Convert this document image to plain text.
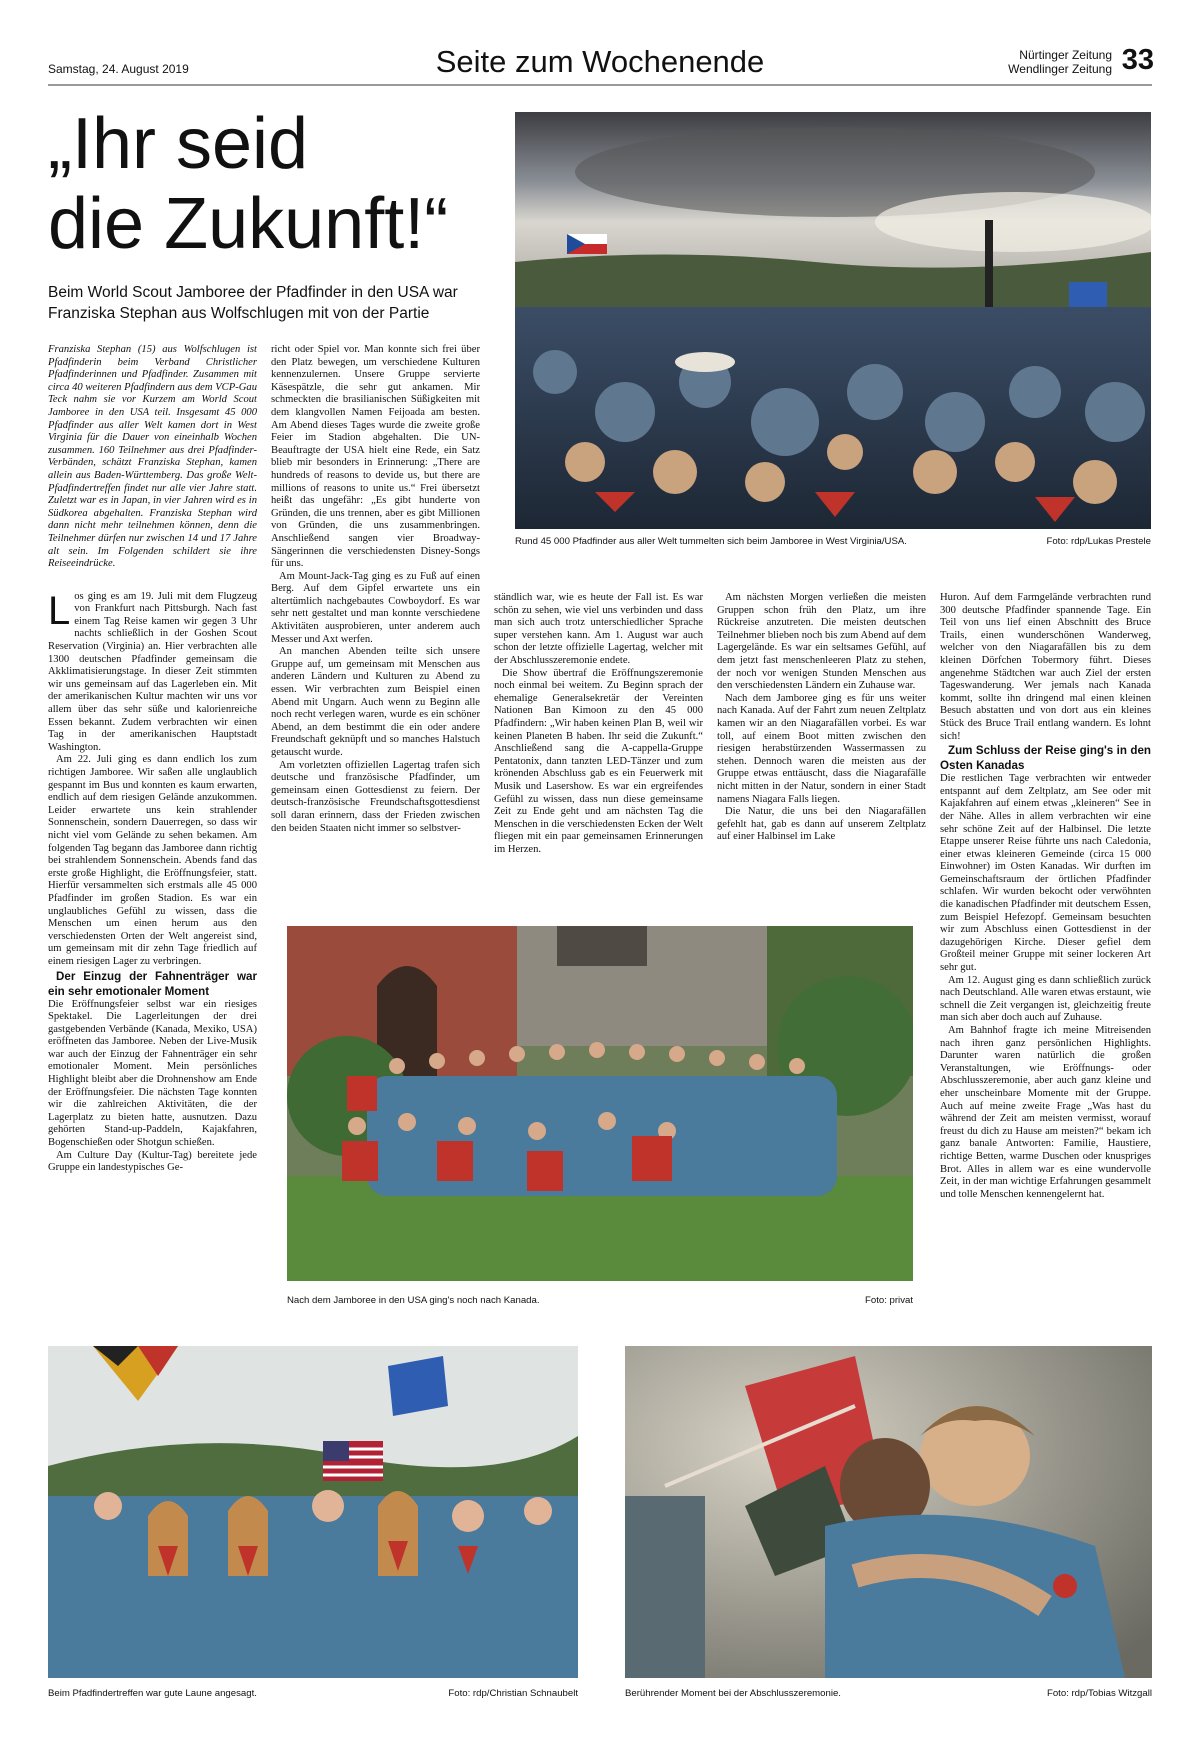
Samstag, 24. August 2019	Seite zum Wochenende	Nürtinger Zeitung
Wendlinger Zeitung 33
„Ihr seid
die Zukunft!“
Beim World Scout Jamboree der Pfadfinder in den USA war Franziska Stephan aus Wolfschlugen mit von der Partie
Rund 45 000 Pfadfinder aus aller Welt tummelten sich beim Jamboree in West Virginia/USA.	Foto: rdp/Lukas Prestele

Franziska Stephan (15) aus Wolfschlugen ist Pfadfinderin beim Verband Christlicher Pfadfinderinnen und Pfadfinder. Zusammen mit circa 40 weiteren Pfadfindern aus dem VCP-Gau Teck nahm sie vor Kurzem am World Scout Jamboree in den USA teil. Insgesamt 45 000 Pfadfinder aus aller Welt kamen dort in West Virginia für die Dauer von eineinhalb Wochen zusammen. 160 Teilnehmer aus drei Pfadfinder-Verbänden, schätzt Franziska Stephan, kamen allein aus Baden-Württemberg. Das große Welt-Pfadfindertreffen findet nur alle vier Jahre statt. Zuletzt war es in Japan, in vier Jahren wird es in Südkorea abgehalten. Franziska Stephan wird dann nicht mehr teilnehmen können, denn die Teilnehmer dürfen nur zwischen 14 und 17 Jahre alt sein. Im Folgenden schildert sie ihre Reiseeindrücke.

Los ging es am 19. Juli mit dem Flugzeug von Frankfurt nach Pittsburgh. Nach fast einem Tag Reise kamen wir gegen 3 Uhr nachts schließlich in der Goshen Scout Reservation (Virginia) an. Hier verbrachten alle 1300 deutschen Pfadfinder gemeinsam die Akklimatisierungstage. In dieser Zeit stimmten wir uns gemeinsam auf das Lagerleben ein. Mit der amerikanischen Kultur machten wir uns vor allem über das sehr süße und kalorienreiche Essen bekannt. Zudem verbrachten wir einen Tag in der amerikanischen Hauptstadt Washington.

Am 22. Juli ging es dann endlich los zum richtigen Jamboree. Wir saßen alle unglaublich gespannt im Bus und konnten es kaum erwarten, endlich auf dem riesigen Gelände anzukommen. Leider erwartete uns kein strahlender Sonnenschein, sondern Dauerregen, so dass wir nicht viel vom Gelände zu sehen bekamen. Am folgenden Tag begann das Jamboree dann richtig bei strahlendem Sonnenschein. Abends fand das erste große Highlight, die Eröffnungsfeier, statt. Hierfür versammelten sich erstmals alle 45 000 Pfadfinder im großen Stadion. Es war ein unglaubliches Gefühl zu wissen, dass die Menschen um einen herum aus den verschiedensten Orten der Welt angereist sind, um gemeinsam mit dir zehn Tage friedlich auf einem riesigen Lager zu verbringen.

Der Einzug der Fahnenträger war ein sehr emotionaler Moment

Die Eröffnungsfeier selbst war ein riesiges Spektakel. Die Lagerleitungen der drei gastgebenden Verbände (Kanada, Mexiko, USA) eröffneten das Jamboree. Neben der Live-Musik war auch der Einzug der Fahnenträger ein sehr emotionaler Moment. Mein persönliches Highlight bleibt aber die Drohnenshow am Ende der Eröffnungsfeier. Die nächsten Tage konnten wir die zahlreichen Aktivitäten, die der Lagerplatz zu bieten hatte, ausnutzen. Dazu gehörten Stand-up-Paddeln, Kajakfahren, Bogenschießen oder Shotgun schießen.

Am Culture Day (Kultur-Tag) bereitete jede Gruppe ein landestypisches Ge-

richt oder Spiel vor. Man konnte sich frei über den Platz bewegen, um verschiedene Kulturen kennenzulernen. Unsere Gruppe servierte Käsespätzle, die sehr gut ankamen. Mir schmeckten die brasilianischen Süßigkeiten mit dem klangvollen Namen Feijoada am besten. Am Abend dieses Tages wurde die zweite große Feier im Stadion abgehalten. Die UN-Beauftragte der USA hielt eine Rede, ein Satz blieb mir besonders in Erinnerung: „There are hundreds of reasons to devide us, but there are millions of reasons to unite us.“ Frei übersetzt heißt das ungefähr: „Es gibt hunderte von Gründen, die uns trennen, aber es gibt Millionen von Gründen, die uns zusammenbringen. Anschließend sangen vier Broadway-Sängerinnen die verschiedensten Disney-Songs für uns.

Am Mount-Jack-Tag ging es zu Fuß auf einen Berg. Auf dem Gipfel erwartete uns ein altertümlich nachgebautes Cowboydorf. Es war sehr nett gestaltet und man konnte verschiedene Aktivitäten ausprobieren, unter anderem auch Messer und Axt werfen.

An manchen Abenden teilte sich unsere Gruppe auf, um gemeinsam mit Menschen aus anderen Ländern und Kulturen zu Abend zu essen. Wir verbrachten zum Beispiel einen Abend mit Ungarn. Auch wenn zu Beginn alle noch recht verlegen waren, wurde es ein schöner Abend, an dem bestimmt die ein oder andere Freundschaft geknüpft und so manches Halstuch getauscht wurde.

Am vorletzten offiziellen Lagertag trafen sich deutsche und französische Pfadfinder, um gemeinsam einen Gottesdienst zu feiern. Der deutsch-französische Freundschaftsgottesdienst soll daran erinnern, dass der Frieden zwischen den beiden Staaten nicht immer so selbstver-

ständlich war, wie es heute der Fall ist. Es war schön zu sehen, wie viel uns verbinden und dass man sich auch trotz unterschiedlicher Sprache super verstehen kann. Am 1. August war auch schon der letzte offizielle Lagertag, welcher mit der Abschlusszeremonie endete.

Die Show übertraf die Eröffnungszeremonie noch einmal bei weitem. Zu Beginn sprach der ehemalige Generalsekretär der Vereinten Nationen Ban Kimoon zu den 45 000 Pfadfindern: „Wir haben keinen Plan B, weil wir keinen Planeten B haben. Ihr seid die Zukunft.“ Anschließend sang die A-cappella-Gruppe Pentatonix, dann tanzten LED-Tänzer und zum krönenden Abschluss gab es ein Feuerwerk mit Musik und Lasershow. Es war ein ergreifendes Gefühl zu wissen, dass nun diese gemeinsame Zeit zu Ende geht und am nächsten Tag die Menschen in die verschiedensten Ecken der Welt fliegen mit ein paar gemeinsamen Erinnerungen im Herzen.

Am nächsten Morgen verließen die meisten Gruppen schon früh den Platz, um ihre Rückreise anzutreten. Die meisten deutschen Teilnehmer blieben noch bis zum Abend auf dem Lagergelände. Es war ein seltsames Gefühl, auf dem jetzt fast menschenleeren Platz zu stehen, der noch vor wenigen Stunden Menschen aus den verschiedensten Ländern ein Zuhause war.

Nach dem Jamboree ging es für uns weiter nach Kanada. Auf der Fahrt zum neuen Zeltplatz kamen wir an den Niagarafällen vorbei. Es war toll, auf einem Boot mitten zwischen den riesigen herabstürzenden Wassermassen zu stehen. Dennoch waren die meisten aus der Gruppe etwas enttäuscht, dass die Niagarafälle nicht mitten in der Natur, sondern in einer Stadt namens Niagara Falls liegen.

Die Natur, die uns bei den Niagarafällen gefehlt hat, gab es dann auf unserem Zeltplatz auf einer Halbinsel im Lake

Huron. Auf dem Farmgelände verbrachten rund 300 deutsche Pfadfinder spannende Tage. Ein Teil von uns lief einen Abschnitt des Bruce Trails, einen wunderschönen Wanderweg, welcher von den Niagarafällen bis zu dem kleinen Dörfchen Tobermory führt. Dieses angenehme Städtchen war auch Ziel der ersten Tageswanderung. Wer jemals nach Kanada kommt, sollte ihn dringend mal einen kleinen Besuch abstatten und von dort aus ein kleines Stück des Bruce Trail entlang wandern. Es lohnt sich!

Zum Schluss der Reise ging's in den Osten Kanadas

Die restlichen Tage verbrachten wir entweder entspannt auf dem Zeltplatz, am See oder mit Kajakfahren auf einem etwas „kleineren“ See in der Nähe. Alles in allem verbrachten wir eine sehr schöne Zeit auf der Halbinsel. Die letzte Etappe unserer Reise führte uns nach Caledonia, einer etwas kleineren Gemeinde (circa 15 000 Einwohner) im Osten Kanadas. Wir durften im Gemeinschaftsraum der örtlichen Pfadfinder schlafen. Wir wurden bekocht oder verwöhnten die kanadischen Pfadfinder mit deutschem Essen, zum Beispiel Hefezopf. Gemeinsam besuchten wir zum Abschluss einen Gottesdienst in der dazugehörigen Kirche. Dieser gefiel dem Großteil meiner Gruppe mit seiner lockeren Art sehr gut.

Am 12. August ging es dann schließlich zurück nach Deutschland. Alle waren etwas erstaunt, wie schnell die Zeit vergangen ist, gleichzeitig freute man sich aber doch auch auf Zuhause.

Am Bahnhof fragte ich meine Mitreisenden nach ihren ganz persönlichen Highlights. Darunter waren natürlich die großen Veranstaltungen, wie Eröffnungs- oder Abschlusszeremonie, aber auch ganz kleine und eher unscheinbare Momente mit der Gruppe. Auch auf meine zweite Frage „Was hast du während der Zeit am meisten vermisst, worauf freust du dich zu Hause am meisten?“ bekam ich ganz banale Antworten: Familie, Haustiere, richtige Betten, warme Duschen oder knuspriges Brot. Alles in allem war es eine wundervolle Zeit, in der man wichtige Erfahrungen gesammelt und tolle Menschen kennengelernt hat.

Nach dem Jamboree in den USA ging's noch nach Kanada.	Foto: privat
Beim Pfadfindertreffen war gute Laune angesagt.	Foto: rdp/Christian Schnaubelt	Berührender Moment bei der Abschlusszeremonie.	Foto: rdp/Tobias Witzgall
